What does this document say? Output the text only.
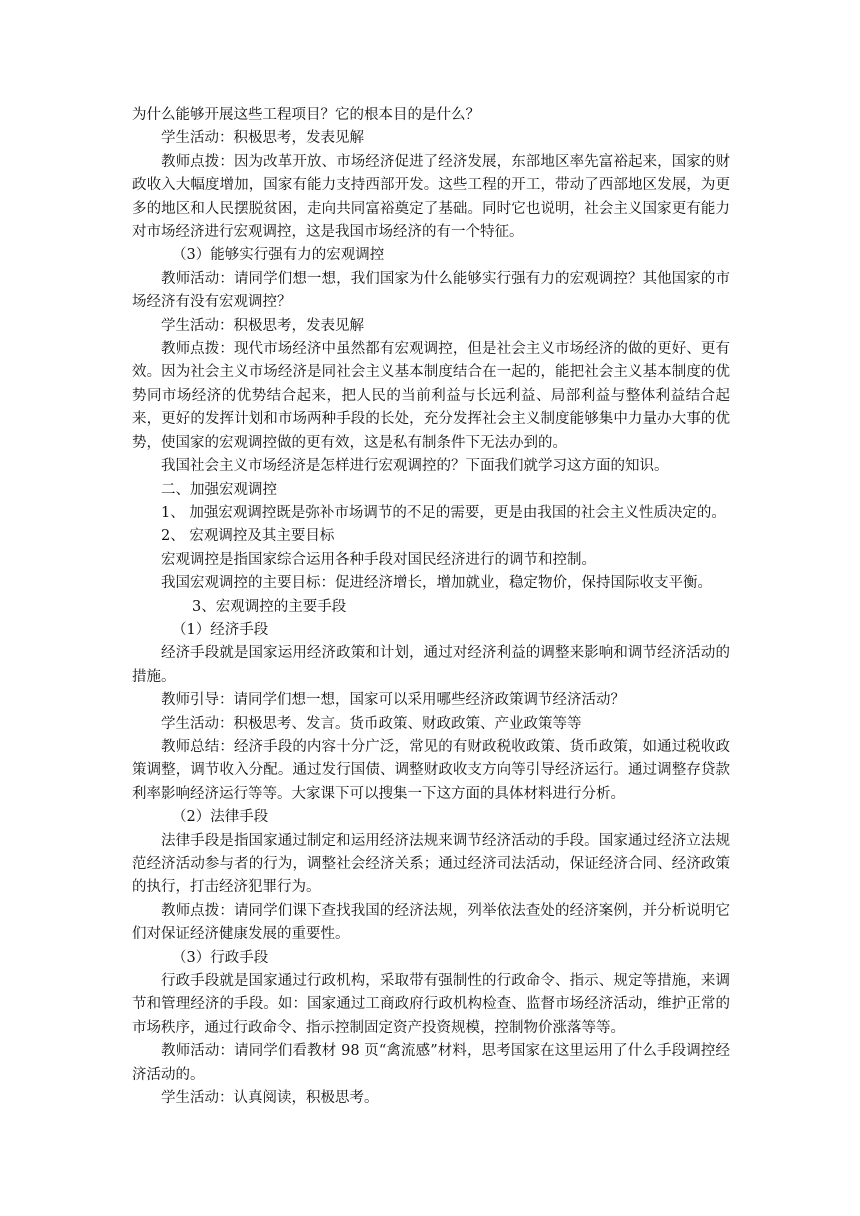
为什么能够开展这些工程项目？它的根本目的是什么？

学生活动：积极思考，发表见解

教师点拨：因为改革开放、市场经济促进了经济发展，东部地区率先富裕起来，国家的财政收入大幅度增加，国家有能力支持西部开发。这些工程的开工，带动了西部地区发展，为更多的地区和人民摆脱贫困，走向共同富裕奠定了基础。同时它也说明，社会主义国家更有能力对市场经济进行宏观调控，这是我国市场经济的有一个特征。

（3）能够实行强有力的宏观调控

教师活动：请同学们想一想，我们国家为什么能够实行强有力的宏观调控？其他国家的市场经济有没有宏观调控？

学生活动：积极思考，发表见解

教师点拨：现代市场经济中虽然都有宏观调控，但是社会主义市场经济的做的更好、更有效。因为社会主义市场经济是同社会主义基本制度结合在一起的，能把社会主义基本制度的优势同市场经济的优势结合起来，把人民的当前利益与长远利益、局部利益与整体利益结合起来，更好的发挥计划和市场两种手段的长处，充分发挥社会主义制度能够集中力量办大事的优势，使国家的宏观调控做的更有效，这是私有制条件下无法办到的。

我国社会主义市场经济是怎样进行宏观调控的？下面我们就学习这方面的知识。

二、加强宏观调控

1、 加强宏观调控既是弥补市场调节的不足的需要，更是由我国的社会主义性质决定的。

2、 宏观调控及其主要目标

宏观调控是指国家综合运用各种手段对国民经济进行的调节和控制。

我国宏观调控的主要目标：促进经济增长，增加就业，稳定物价，保持国际收支平衡。

3、宏观调控的主要手段

（1）经济手段

经济手段就是国家运用经济政策和计划，通过对经济利益的调整来影响和调节经济活动的措施。

教师引导：请同学们想一想，国家可以采用哪些经济政策调节经济活动？

学生活动：积极思考、发言。货币政策、财政政策、产业政策等等

教师总结：经济手段的内容十分广泛，常见的有财政税收政策、货币政策，如通过税收政策调整，调节收入分配。通过发行国债、调整财政收支方向等引导经济运行。通过调整存贷款利率影响经济运行等等。大家课下可以搜集一下这方面的具体材料进行分析。

（2）法律手段

法律手段是指国家通过制定和运用经济法规来调节经济活动的手段。国家通过经济立法规范经济活动参与者的行为，调整社会经济关系；通过经济司法活动，保证经济合同、经济政策的执行，打击经济犯罪行为。

教师点拨：请同学们课下查找我国的经济法规，列举依法查处的经济案例，并分析说明它们对保证经济健康发展的重要性。

（3）行政手段

行政手段就是国家通过行政机构，采取带有强制性的行政命令、指示、规定等措施，来调节和管理经济的手段。如：国家通过工商政府行政机构检查、监督市场经济活动，维护正常的市场秩序，通过行政命令、指示控制固定资产投资规模，控制物价涨落等等。

教师活动：请同学们看教材 98 页“禽流感”材料，思考国家在这里运用了什么手段调控经济活动的。

学生活动：认真阅读，积极思考。
